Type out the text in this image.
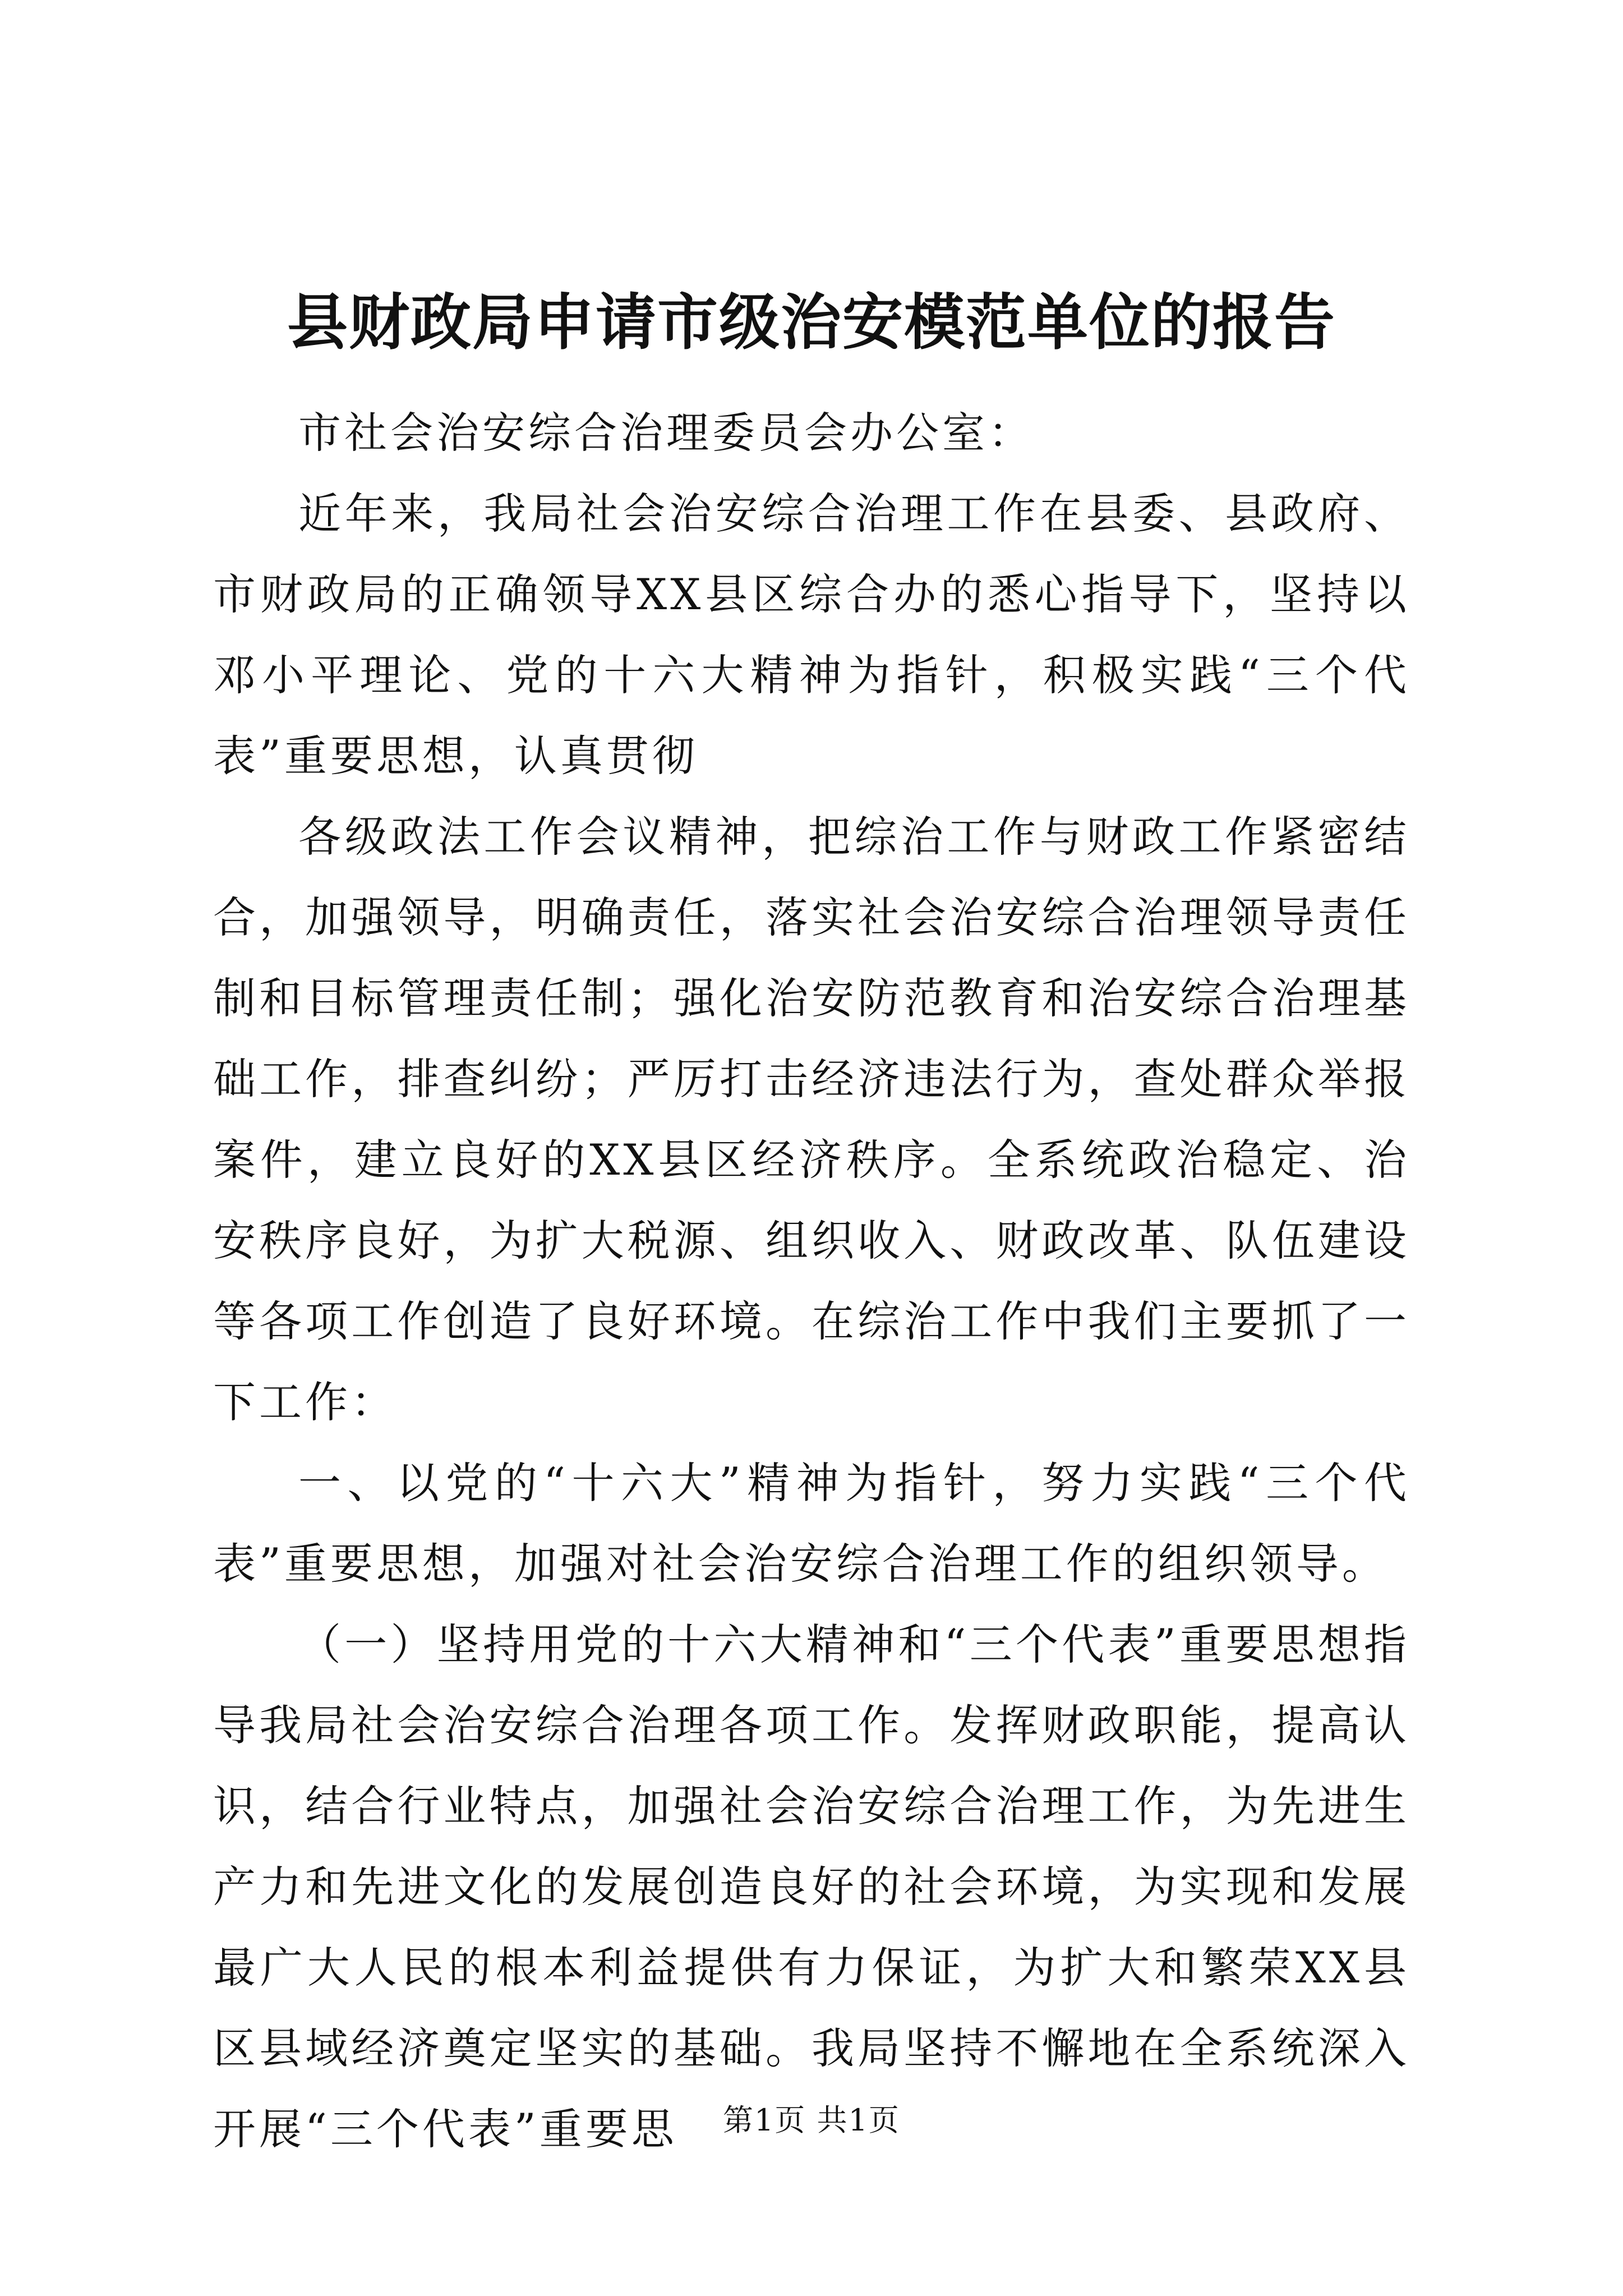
县财政局申请市级治安模范单位的报告

市社会治安综合治理委员会办公室：

近年来，我局社会治安综合治理工作在县委、县政府、市财政局的正确领导XX县区综合办的悉心指导下，坚持以邓小平理论、党的十六大精神为指针，积极实践“三个代表”重要思想，认真贯彻

各级政法工作会议精神，把综治工作与财政工作紧密结合，加强领导，明确责任，落实社会治安综合治理领导责任制和目标管理责任制；强化治安防范教育和治安综合治理基础工作，排查纠纷；严厉打击经济违法行为，查处群众举报案件，建立良好的XX县区经济秩序。全系统政治稳定、治安秩序良好，为扩大税源、组织收入、财政改革、队伍建设等各项工作创造了良好环境。在综治工作中我们主要抓了一下工作：

一、以党的“十六大”精神为指针，努力实践“三个代表”重要思想，加强对社会治安综合治理工作的组织领导。

（一）坚持用党的十六大精神和“三个代表”重要思想指导我局社会治安综合治理各项工作。发挥财政职能，提高认识，结合行业特点，加强社会治安综合治理工作，为先进生产力和先进文化的发展创造良好的社会环境，为实现和发展最广大人民的根本利益提供有力保证，为扩大和繁荣XX县区县域经济奠定坚实的基础。我局坚持不懈地在全系统深入开展“三个代表”重要思	第1页 共1页
